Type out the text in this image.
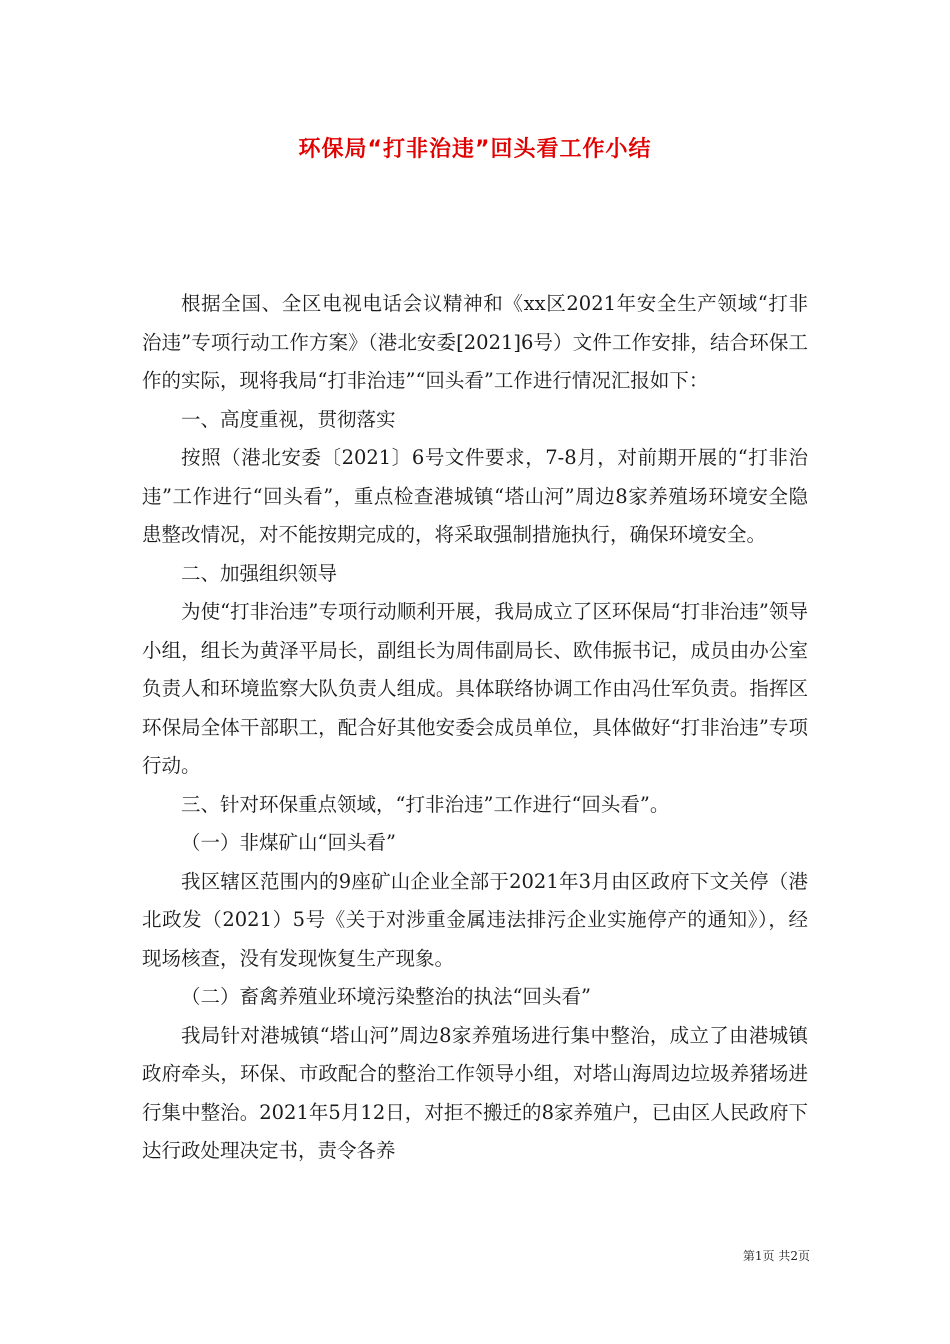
环保局“打非治违”回头看工作小结

根据全国、全区电视电话会议精神和《xx区2021年安全生产领域“打非治违”专项行动工作方案》（港北安委[2021]6号）文件工作安排，结合环保工作的实际，现将我局“打非治违”“回头看”工作进行情况汇报如下：

一、高度重视，贯彻落实

按照（港北安委〔2021〕6号文件要求，7-8月，对前期开展的“打非治违”工作进行“回头看”，重点检查港城镇“塔山河”周边8家养殖场环境安全隐患整改情况，对不能按期完成的，将采取强制措施执行，确保环境安全。

二、加强组织领导

为使“打非治违”专项行动顺利开展，我局成立了区环保局“打非治违”领导小组，组长为黄泽平局长，副组长为周伟副局长、欧伟振书记，成员由办公室负责人和环境监察大队负责人组成。具体联络协调工作由冯仕军负责。指挥区环保局全体干部职工，配合好其他安委会成员单位，具体做好“打非治违”专项行动。

三、针对环保重点领域，“打非治违”工作进行“回头看”。

（一）非煤矿山“回头看”

我区辖区范围内的9座矿山企业全部于2021年3月由区政府下文关停（港北政发（2021）5号《关于对涉重金属违法排污企业实施停产的通知》），经现场核查，没有发现恢复生产现象。

（二）畜禽养殖业环境污染整治的执法“回头看”

我局针对港城镇“塔山河”周边8家养殖场进行集中整治，成立了由港城镇政府牵头，环保、市政配合的整治工作领导小组，对塔山海周边垃圾养猪场进行集中整治。2021年5月12日，对拒不搬迁的8家养殖户，已由区人民政府下达行政处理决定书，责令各养

第1页 共2页
